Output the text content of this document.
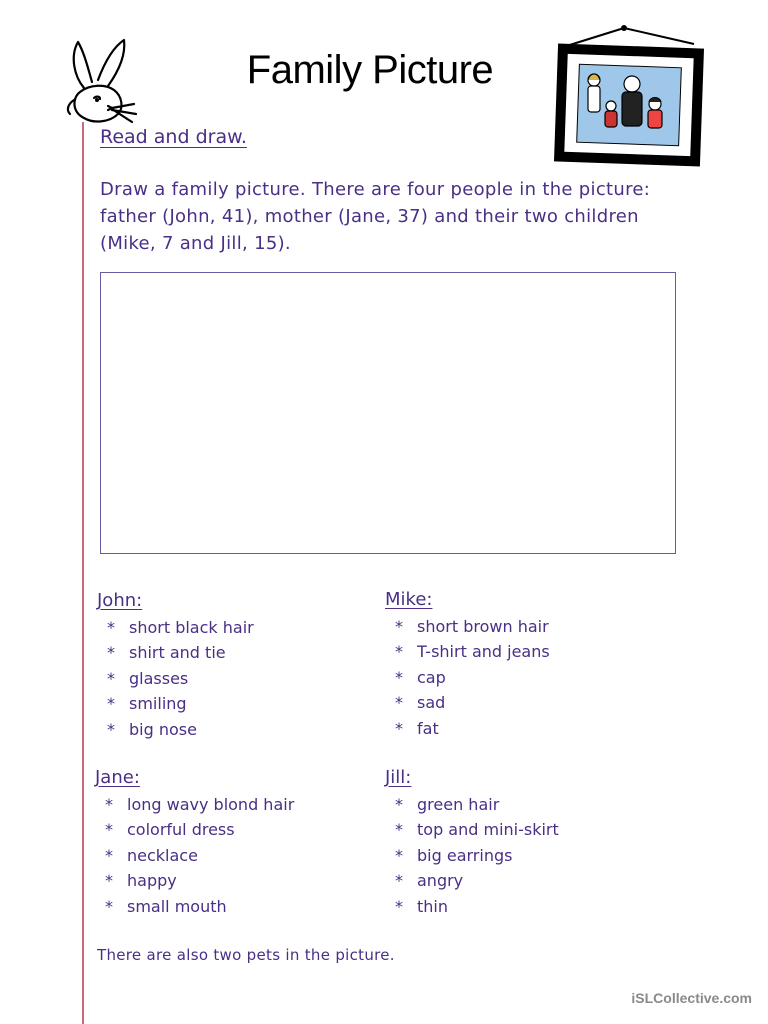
Family Picture
Read and draw.
Draw a family picture. There are four people in the picture: father (John, 41), mother (Jane, 37) and their two children (Mike, 7 and Jill, 15).
John:
* short black hair
* shirt and tie
* glasses
* smiling
* big nose
Mike:
* short brown hair
* T-shirt and jeans
* cap
* sad
* fat
Jane:
* long wavy blond hair
* colorful dress
* necklace
* happy
* small mouth
Jill:
* green hair
* top and mini-skirt
* big earrings
* angry
* thin
There are also two pets in the picture.
iSLCollective.com
